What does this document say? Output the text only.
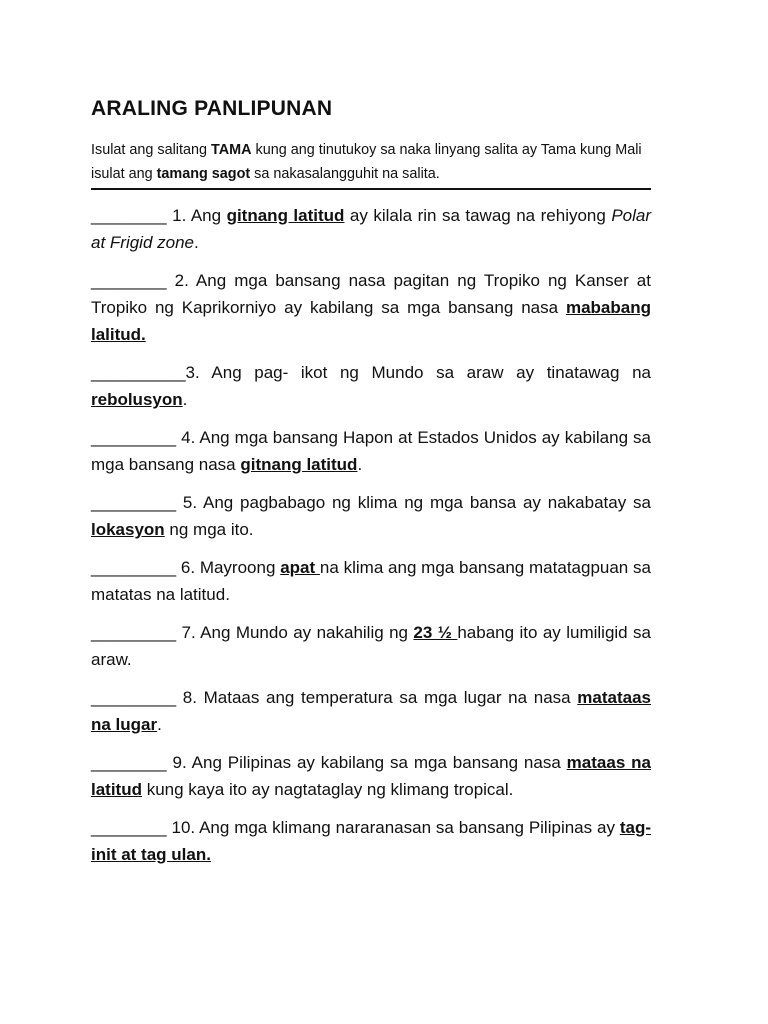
ARALING PANLIPUNAN

Isulat ang salitang TAMA kung ang tinutukoy sa naka linyang salita ay Tama kung Mali isulat ang tamang sagot sa nakasalangguhit na salita.

________ 1. Ang gitnang latitud ay kilala rin sa tawag na rehiyong Polar at Frigid zone.

________ 2. Ang mga bansang nasa pagitan ng Tropiko ng Kanser at Tropiko ng Kaprikorniyo ay kabilang sa mga bansang nasa mababang lalitud.

__________3. Ang pag- ikot ng Mundo sa araw ay tinatawag na rebolusyon.

_________ 4. Ang mga bansang Hapon at Estados Unidos ay kabilang sa mga bansang nasa gitnang latitud.

_________ 5. Ang pagbabago ng klima ng mga bansa ay nakabatay sa lokasyon ng mga ito.

_________ 6. Mayroong apat na klima ang mga bansang matatagpuan sa matatas na latitud.

_________ 7. Ang Mundo ay nakahilig ng 23 ½ habang ito ay lumiligid sa araw.

_________ 8. Mataas ang temperatura sa mga lugar na nasa matataas na lugar.

________ 9. Ang Pilipinas ay kabilang sa mga bansang nasa mataas na latitud kung kaya ito ay nagtataglay ng klimang tropical.

________ 10. Ang mga klimang nararanasan sa bansang Pilipinas ay tag- init at tag ulan.
